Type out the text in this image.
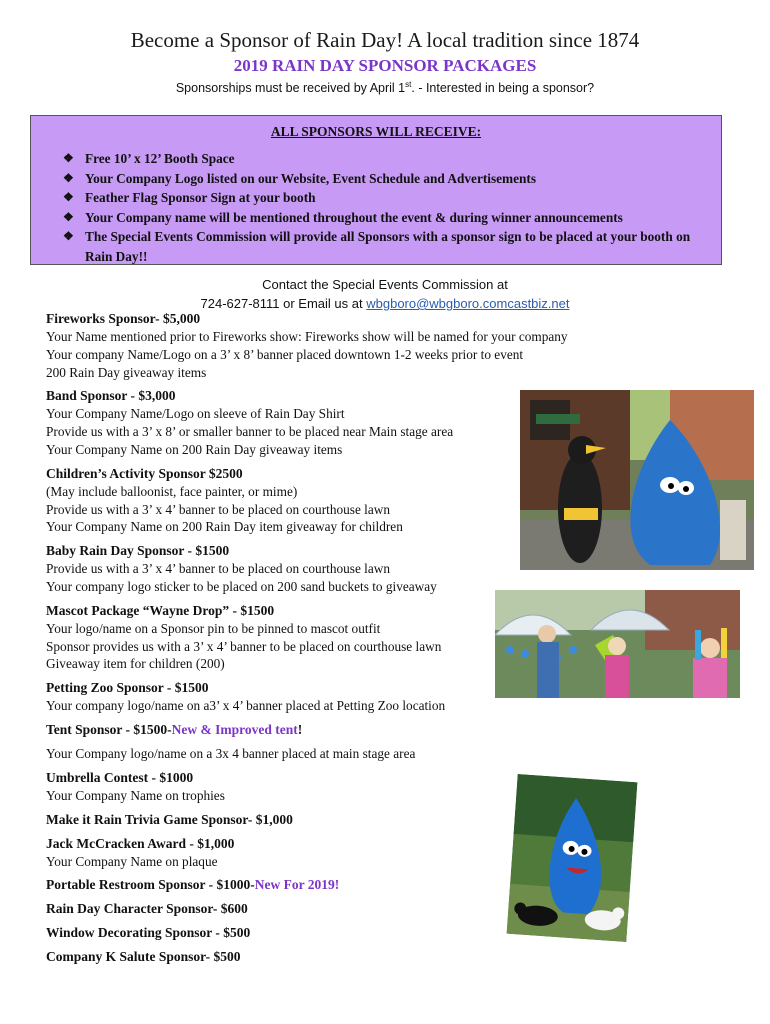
Become a Sponsor of Rain Day! A local tradition since 1874
2019 RAIN DAY SPONSOR PACKAGES
Sponsorships must be received by April 1st. - Interested in being a sponsor?
ALL SPONSORS WILL RECEIVE:
❖ Free 10’ x 12’ Booth Space
❖ Your Company Logo listed on our Website, Event Schedule and Advertisements
❖ Feather Flag Sponsor Sign at your booth
❖ Your Company name will be mentioned throughout the event & during winner announcements
❖ The Special Events Commission will provide all Sponsors with a sponsor sign to be placed at your booth on Rain Day!!
Contact the Special Events Commission at
724-627-8111 or Email us at wbgboro@wbgboro.comcastbiz.net
Fireworks Sponsor- $5,000
Your Name mentioned prior to Fireworks show: Fireworks show will be named for your company
Your company Name/Logo on a 3’ x 8’ banner placed downtown 1-2 weeks prior to event
200 Rain Day giveaway items
Band Sponsor - $3,000
Your Company Name/Logo on sleeve of Rain Day Shirt
Provide us with a 3’ x 8’ or smaller banner to be placed near Main stage area
Your Company Name on 200 Rain Day giveaway items
Children’s Activity Sponsor $2500
(May include balloonist, face painter, or mime)
Provide us with a 3’ x 4’ banner to be placed on courthouse lawn
Your Company Name on 200 Rain Day item giveaway for children
Baby Rain Day Sponsor - $1500
Provide us with a 3’ x 4’ banner to be placed on courthouse lawn
Your company logo sticker to be placed on 200 sand buckets to giveaway
Mascot Package “Wayne Drop” - $1500
Your logo/name on a Sponsor pin to be pinned to mascot outfit
Sponsor provides us with a 3’ x 4’ banner to be placed on courthouse lawn
Giveaway item for children (200)
Petting Zoo Sponsor - $1500
Your company logo/name on a3’ x 4’ banner placed at Petting Zoo location
Tent Sponsor - $1500-New & Improved tent!
Your Company logo/name on a 3x 4 banner placed at main stage area
Umbrella Contest - $1000
Your Company Name on trophies
Make it Rain Trivia Game Sponsor- $1,000
Jack McCracken Award - $1,000
Your Company Name on plaque
Portable Restroom Sponsor - $1000-New For 2019!
Rain Day Character Sponsor- $600
Window Decorating Sponsor - $500
Company K Salute Sponsor- $500
